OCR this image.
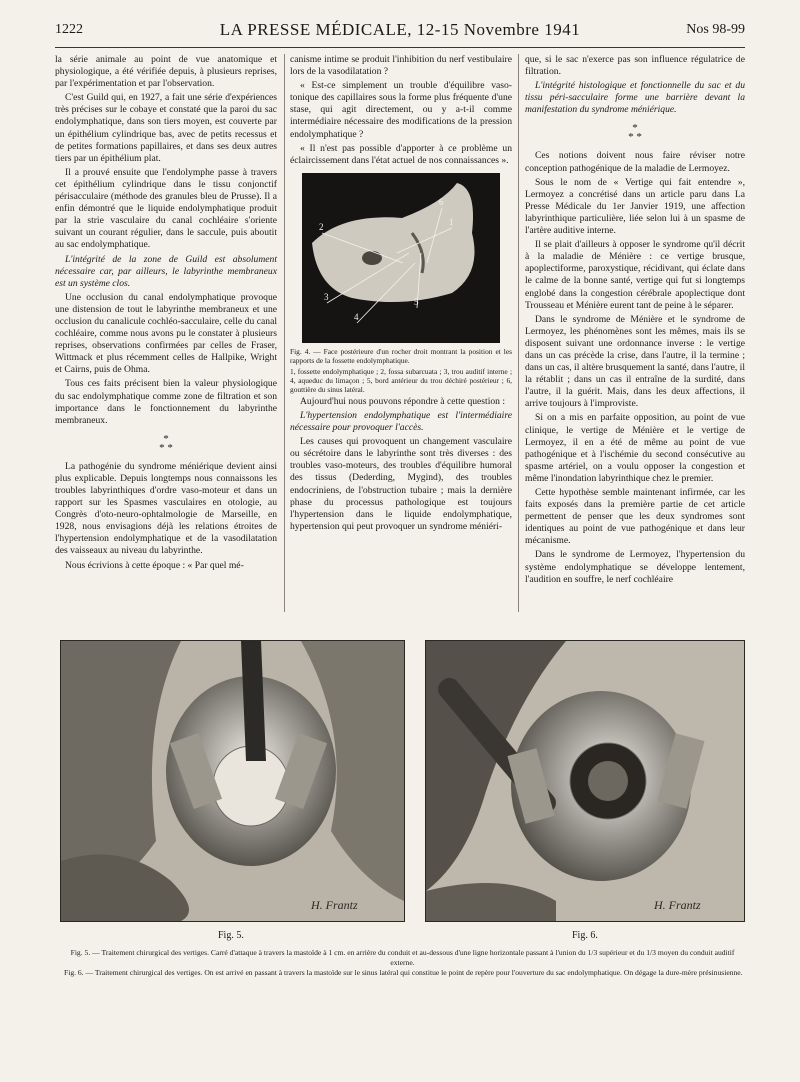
1222	LA PRESSE MÉDICALE, 12-15 Novembre 1941	Nos 98-99

la série animale au point de vue anatomique et physiologique, a été vérifiée depuis, à plusieurs reprises, par l'expérimentation et par l'observation.

C'est Guild qui, en 1927, a fait une série d'expériences très précises sur le cobaye et constaté que la paroi du sac endolymphatique, dans son tiers moyen, est couverte par un épithélium cylindrique bas, avec de petits recessus et de petites formations papillaires, et dans ses deux autres tiers par un épithélium plat.

Il a prouvé ensuite que l'endolymphe passe à travers cet épithélium cylindrique dans le tissu conjonctif périsacculaire (méthode des granules bleu de Prusse). Il a enfin démontré que le liquide endolymphatique produit par la strie vasculaire du canal cochléaire s'oriente suivant un courant régulier, dans le saccule, puis aboutit au sac endolymphatique.

L'intégrité de la zone de Guild est absolument nécessaire car, par ailleurs, le labyrinthe membraneux est un système clos.

Une occlusion du canal endolymphatique provoque une distension de tout le labyrinthe membraneux et une occlusion du canalicule cochléo-sacculaire, celle du canal cochléaire, comme nous avons pu le constater à plusieurs reprises, observations confirmées par celles de Fraser, Wittmack et plus récemment celles de Hallpike, Wright et Cairns, puis de Ohma.

Tous ces faits précisent bien la valeur physiologique du sac endolymphatique comme zone de filtration et son importance dans le fonctionnement du labyrinthe membraneux.

*
* *

La pathogénie du syndrome méniérique devient ainsi plus explicable. Depuis longtemps nous connaissons les troubles labyrinthiques d'ordre vaso-moteur et dans un rapport sur les Spasmes vasculaires en otologie, au Congrès d'oto-neuro-ophtalmologie de Marseille, en 1928, nous envisagions déjà les relations étroites de l'hypertension endolymphatique et de la vasodilatation des vaisseaux au niveau du labyrinthe.

Nous écrivions à cette époque : « Par quel mé-

canisme intime se produit l'inhibition du nerf vestibulaire lors de la vasodilatation ?

« Est-ce simplement un trouble d'équilibre vaso-tonique des capillaires sous la forme plus fréquente d'une stase, qui agit directement, ou y a-t-il comme intermédiaire nécessaire des modifications de la pression endolymphatique ?

« Il n'est pas possible d'apporter à ce problème un éclaircissement dans l'état actuel de nos connaissances ».

1
2
3
4
5
6

Fig. 4. — Face postérieure d'un rocher droit montrant la position et les rapports de la fossette endolymphatique.

1, fossette endolymphatique ; 2, fossa subarcuata ; 3, trou auditif interne ; 4, aqueduc du limaçon ; 5, bord antérieur du trou déchiré postérieur ; 6, gouttière du sinus latéral.

Aujourd'hui nous pouvons répondre à cette question :

L'hypertension endolymphatique est l'intermédiaire nécessaire pour provoquer l'accès.

Les causes qui provoquent un changement vasculaire ou sécrétoire dans le labyrinthe sont très diverses : des troubles vaso-moteurs, des troubles d'équilibre humoral des tissus (Dederding, Mygind), des troubles endocriniens, de l'obstruction tubaire ; mais la dernière phase du processus pathologique est toujours l'hypertension dans le liquide endolymphatique, hypertension qui peut provoquer un syndrome méniéri-

que, si le sac n'exerce pas son influence régulatrice de filtration.

L'intégrité histologique et fonctionnelle du sac et du tissu péri-sacculaire forme une barrière devant la manifestation du syndrome méniérique.

*
* *

Ces notions doivent nous faire réviser notre conception pathogénique de la maladie de Lermoyez.

Sous le nom de « Vertige qui fait entendre », Lermoyez a concrétisé dans un article paru dans La Presse Médicale du 1er Janvier 1919, une affection labyrinthique particulière, liée selon lui à un spasme de l'artère auditive interne.

Il se plait d'ailleurs à opposer le syndrome qu'il décrit à la maladie de Ménière : ce vertige brusque, apoplectiforme, paroxystique, récidivant, qui éclate dans le calme de la bonne santé, vertige qui fut si longtemps englobé dans la congestion cérébrale apoplectique dont Trousseau et Ménière eurent tant de peine à le séparer.

Dans le syndrome de Ménière et le syndrome de Lermoyez, les phénomènes sont les mêmes, mais ils se disposent suivant une ordonnance inverse : le vertige dans un cas précède la crise, dans l'autre, il la termine ; dans un cas, il altère brusquement la santé, dans l'autre, il la rétablit ; dans un cas il entraîne de la surdité, dans l'autre, il la guérit. Mais, dans les deux affections, il arrive toujours à l'improviste.

Si on a mis en parfaite opposition, au point de vue clinique, le vertige de Ménière et le vertige de Lermoyez, il en a été de même au point de vue pathogénique et à l'ischémie du second consécutive au spasme artériel, on a voulu opposer la congestion et même l'inondation labyrinthique chez le premier.

Cette hypothèse semble maintenant infirmée, car les faits exposés dans la première partie de cet article permettent de penser que les deux syndromes sont identiques au point de vue pathogénique et dans leur mécanisme.

Dans le syndrome de Lermoyez, l'hypertension du système endolymphatique se développe lentement, l'audition en souffre, le nerf cochléaire

H. Frantz	H. Frantz
Fig. 5.	Fig. 6.

Fig. 5. — Traitement chirurgical des vertiges. Carré d'attaque à travers la mastoïde à 1 cm. en arrière du conduit et au-dessous d'une ligne horizontale passant à l'union du 1/3 supérieur et du 1/3 moyen du conduit auditif externe.

Fig. 6. — Traitement chirurgical des vertiges. On est arrivé en passant à travers la mastoïde sur le sinus latéral qui constitue le point de repère pour l'ouverture du sac endolymphatique. On dégage la dure-mère présinusienne.
